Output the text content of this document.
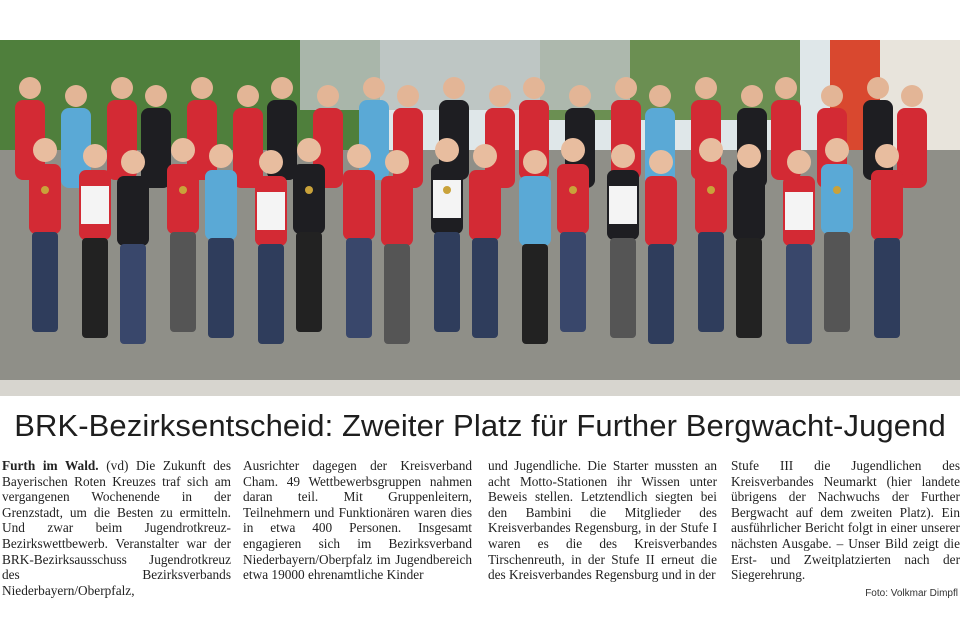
BRK-Bezirksentscheid: Zweiter Platz für Further Bergwacht-Jugend
Furth im Wald. (vd) Die Zukunft des Bayerischen Roten Kreuzes traf sich am vergangenen Wochenende in der Grenzstadt, um die Besten zu ermitteln. Und zwar beim Jugendrotkreuz-Bezirkswettbewerb. Veranstalter war der BRK-Bezirksausschuss Jugendrotkreuz des Bezirksverbands Niederbayern/Oberpfalz,
Ausrichter dagegen der Kreisverband Cham. 49 Wettbewerbsgruppen nahmen daran teil. Mit Gruppenleitern, Teilnehmern und Funktionären waren dies in etwa 400 Personen. Insgesamt engagieren sich im Bezirksverband Niederbayern/Oberpfalz im Jugendbereich etwa 19000 ehrenamtliche Kinder
und Jugendliche. Die Starter mussten an acht Motto-Stationen ihr Wissen unter Beweis stellen. Letztendlich siegten bei den Bambini die Mitglieder des Kreisverbandes Regensburg, in der Stufe I waren es die des Kreisverbandes Tirschenreuth, in der Stufe II erneut die des Kreisverbandes Regensburg und in der
Stufe III die Jugendlichen des Kreisverbandes Neumarkt (hier landete übrigens der Nachwuchs der Further Bergwacht auf dem zweiten Platz). Ein ausführlicher Bericht folgt in einer unserer nächsten Ausgabe. – Unser Bild zeigt die Erst- und Zweitplatzierten nach der Siegerehrung.
Foto: Volkmar Dimpfl
